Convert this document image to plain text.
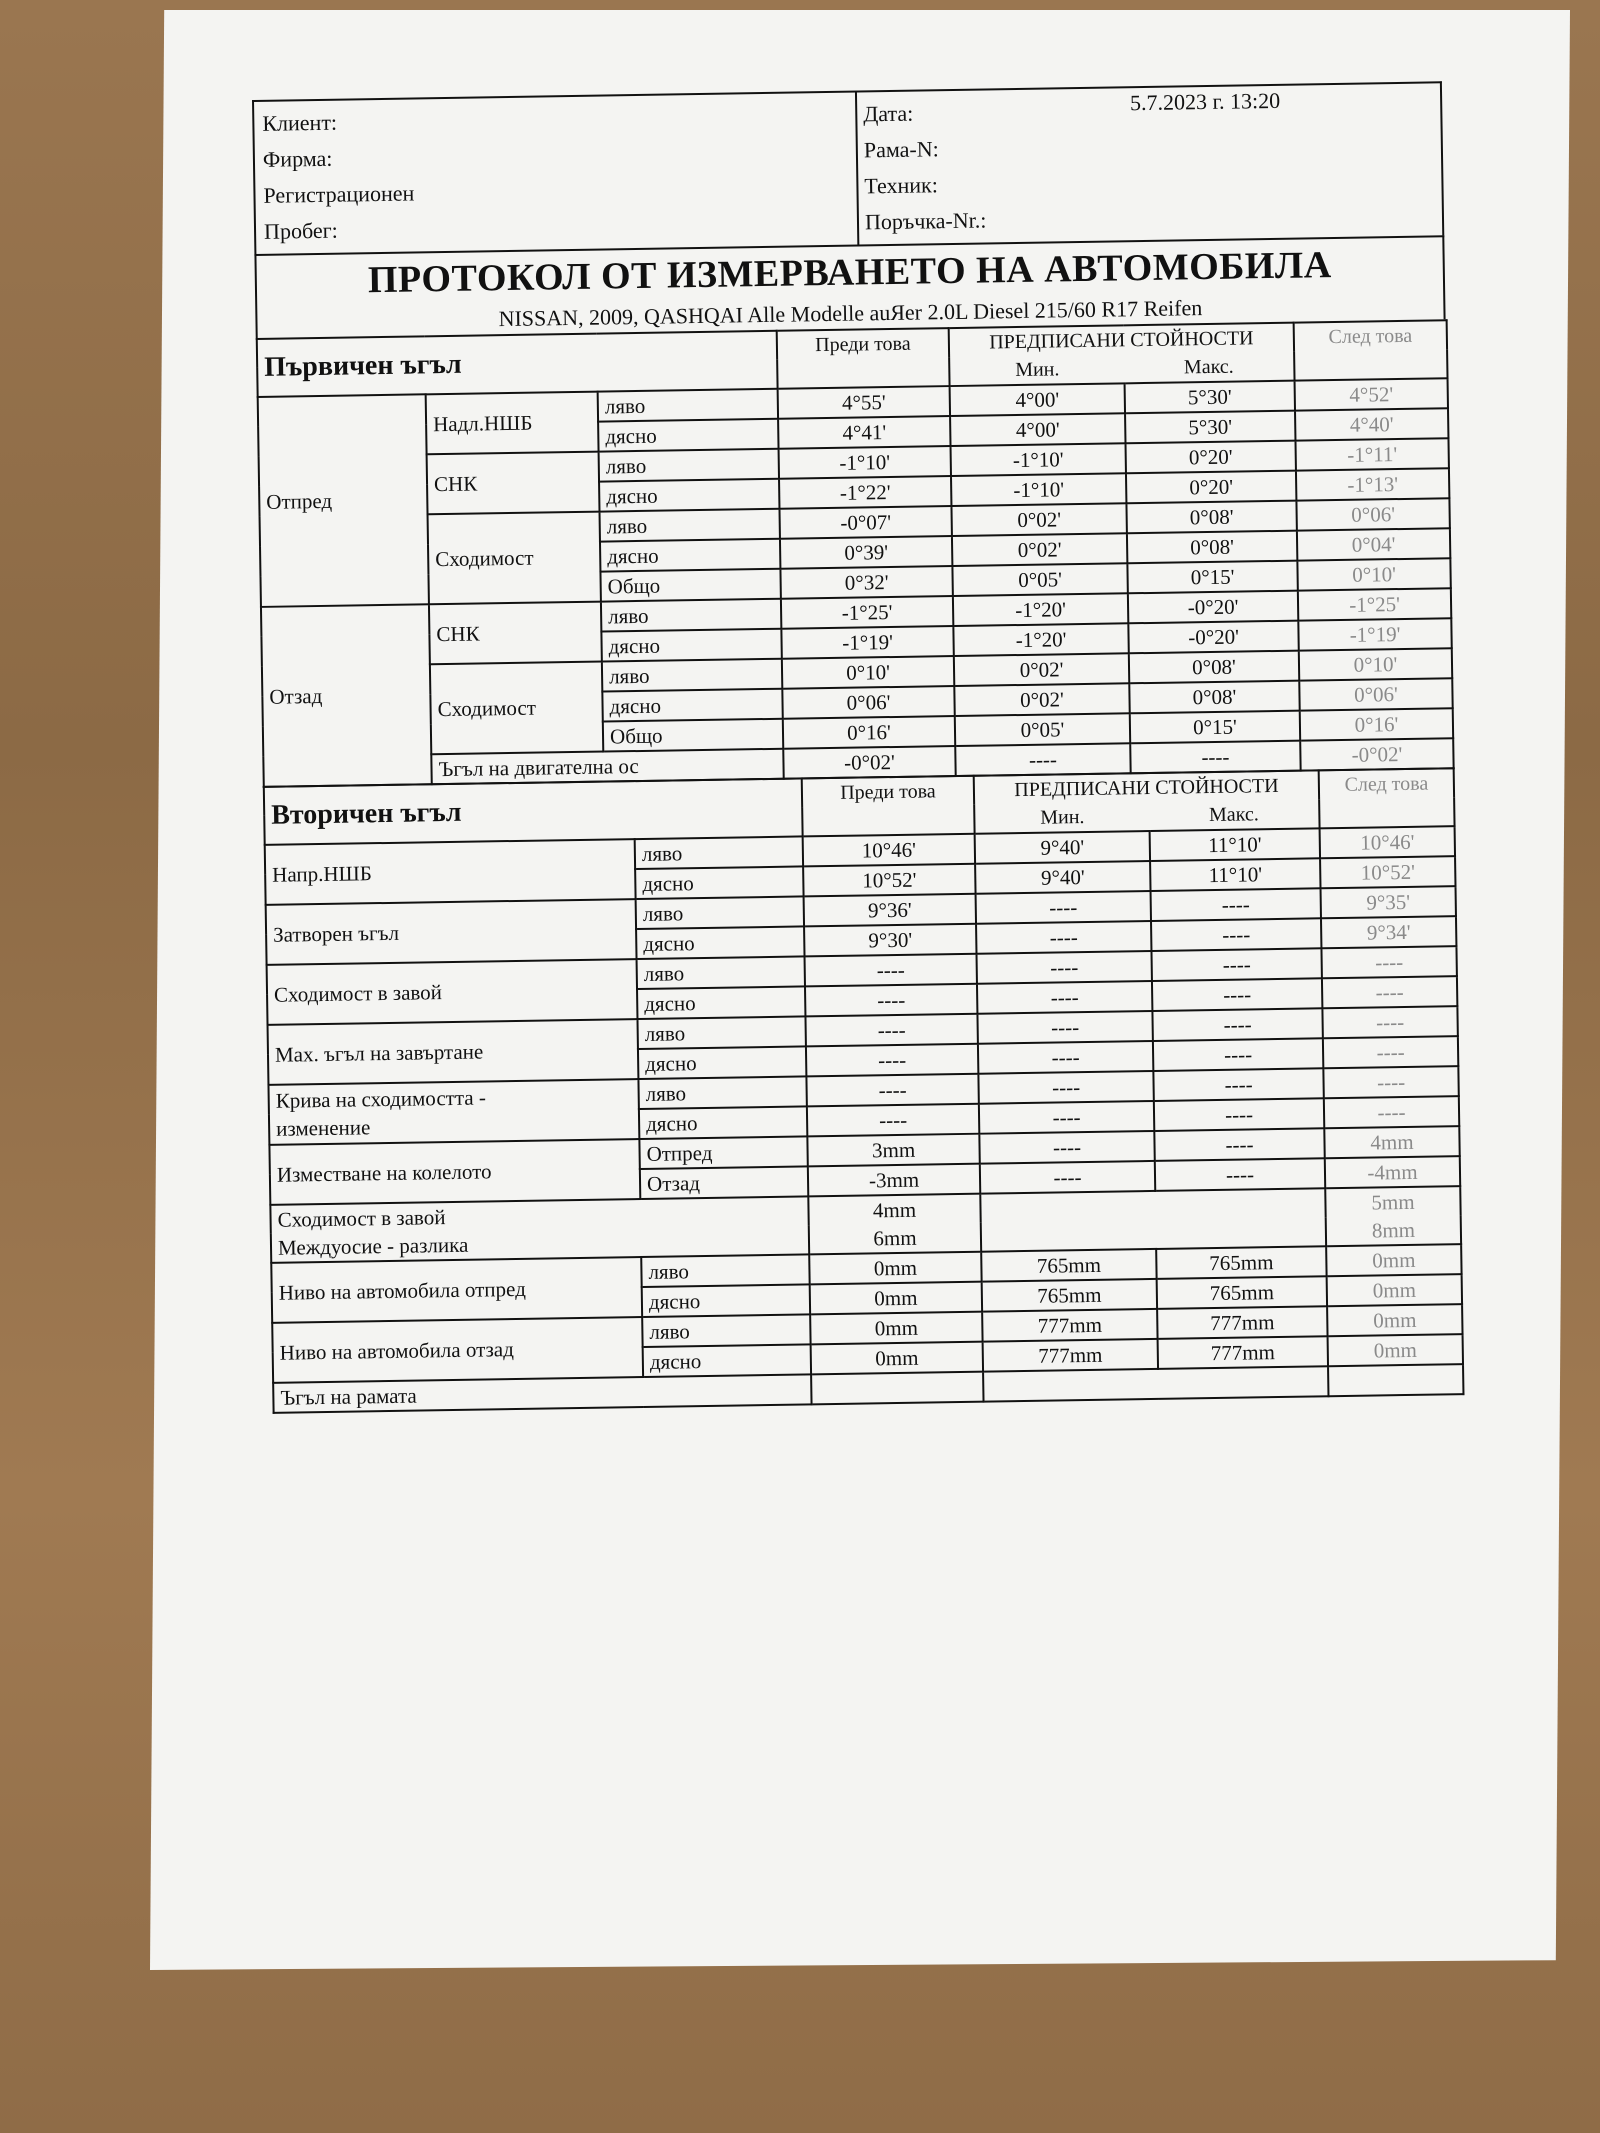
Клиент:
Фирма:
Регистрационен
Пробег:
Дата:	5.7.2023 г. 13:20
Рама-N:
Техник:
Поръчка-Nr.:
ПРОТОКОЛ ОТ ИЗМЕРВАНЕТО НА АВТОМОБИЛА
NISSAN, 2009, QASHQAI Alle Modelle auЯer 2.0L Diesel 215/60 R17 Reifen
Първичен ъгъл			Преди това	ПРЕДПИСАНИ СТОЙНОСТИ		След това
				Мин.	Макс.	
Отпред	Надл.НШБ	ляво	4°55'	4°00'	5°30'	4°52'
		дясно	4°41'	4°00'	5°30'	4°40'
	СНК	ляво	-1°10'	-1°10'	0°20'	-1°11'
		дясно	-1°22'	-1°10'	0°20'	-1°13'
	Сходимост	ляво	-0°07'	0°02'	0°08'	0°06'
		дясно	0°39'	0°02'	0°08'	0°04'
		Общо	0°32'	0°05'	0°15'	0°10'
Отзад	СНК	ляво	-1°25'	-1°20'	-0°20'	-1°25'
		дясно	-1°19'	-1°20'	-0°20'	-1°19'
	Сходимост	ляво	0°10'	0°02'	0°08'	0°10'
		дясно	0°06'	0°02'	0°08'	0°06'
		Общо	0°16'	0°05'	0°15'	0°16'
	Ъгъл на двигателна ос		-0°02'	----	----	-0°02'
Вторичен ъгъл		Преди това	ПРЕДПИСАНИ СТОЙНОСТИ		След това
			Мин.	Макс.	
Напр.НШБ	ляво	10°46'	9°40'	11°10'	10°46'
	дясно	10°52'	9°40'	11°10'	10°52'
Затворен ъгъл	ляво	9°36'	----	----	9°35'
	дясно	9°30'	----	----	9°34'
Сходимост в завой	ляво	----	----	----	----
	дясно	----	----	----	----
Мах. ъгъл на завъртане	ляво	----	----	----	----
	дясно	----	----	----	----

Крива на сходимостта -
изменение	ляво	----	----	----	----
	дясно	----	----	----	----
Изместване на колелото	Отпред	3mm	----	----	4mm
	Отзад	-3mm	----	----	-4mm
Сходимост в завой		4mm			5mm
Междуосие - разлика		6mm			8mm
Ниво на автомобила отпред	ляво	0mm	765mm	765mm	0mm
	дясно	0mm	765mm	765mm	0mm
Ниво на автомобила отзад	ляво	0mm	777mm	777mm	0mm
	дясно	0mm	777mm	777mm	0mm
Ъгъл на рамата					
